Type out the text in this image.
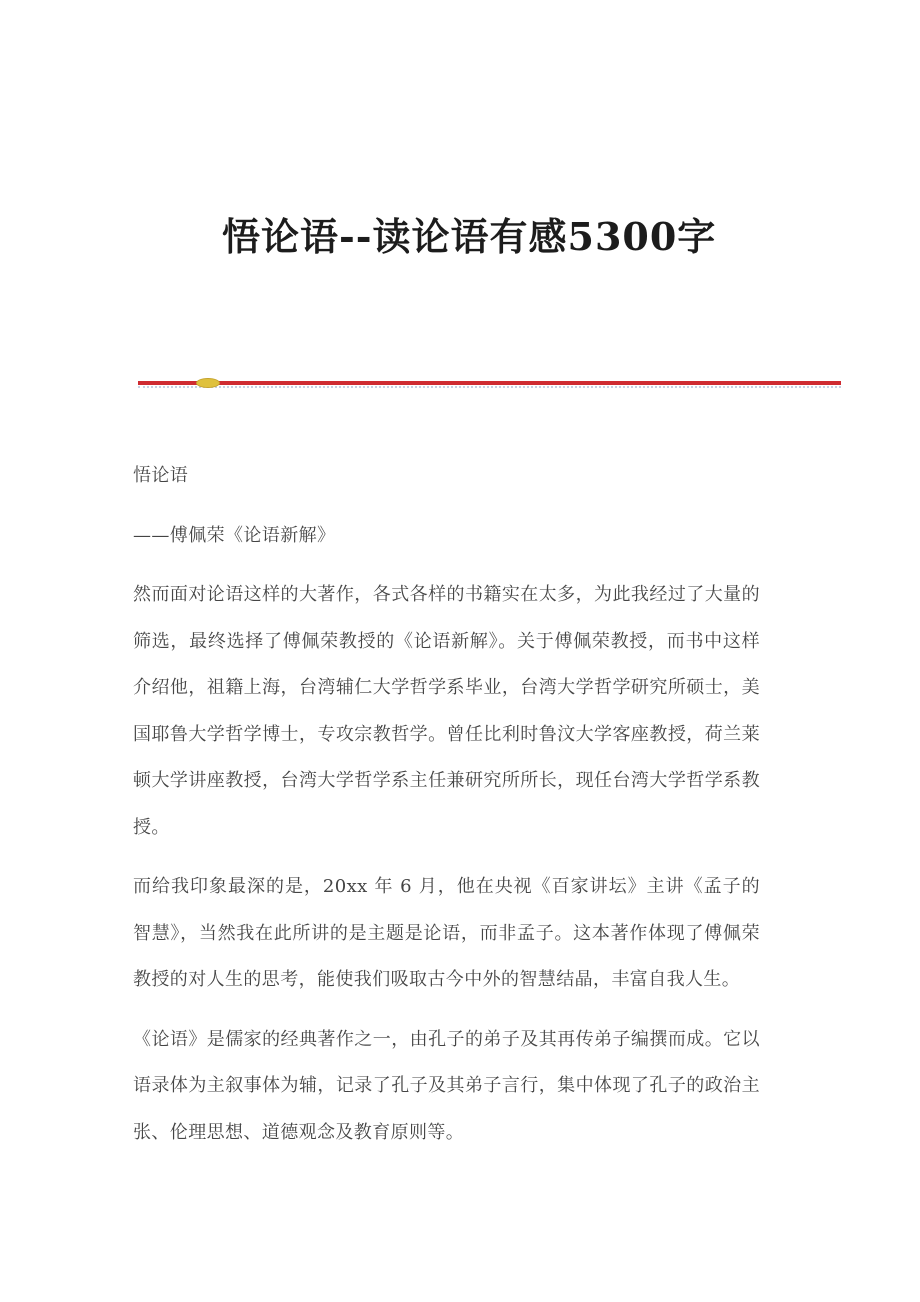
悟论语--读论语有感5300字

悟论语

——傅佩荣《论语新解》

然而面对论语这样的大著作，各式各样的书籍实在太多，为此我经过了大量的筛选，最终选择了傅佩荣教授的《论语新解》。关于傅佩荣教授，而书中这样介绍他，祖籍上海，台湾辅仁大学哲学系毕业，台湾大学哲学研究所硕士，美国耶鲁大学哲学博士，专攻宗教哲学。曾任比利时鲁汶大学客座教授，荷兰莱顿大学讲座教授，台湾大学哲学系主任兼研究所所长，现任台湾大学哲学系教授。

而给我印象最深的是，20xx 年 6 月，他在央视《百家讲坛》主讲《孟子的智慧》，当然我在此所讲的是主题是论语，而非孟子。这本著作体现了傅佩荣教授的对人生的思考，能使我们吸取古今中外的智慧结晶，丰富自我人生。

《论语》是儒家的经典著作之一，由孔子的弟子及其再传弟子编撰而成。它以语录体为主叙事体为辅，记录了孔子及其弟子言行，集中体现了孔子的政治主张、伦理思想、道德观念及教育原则等。
